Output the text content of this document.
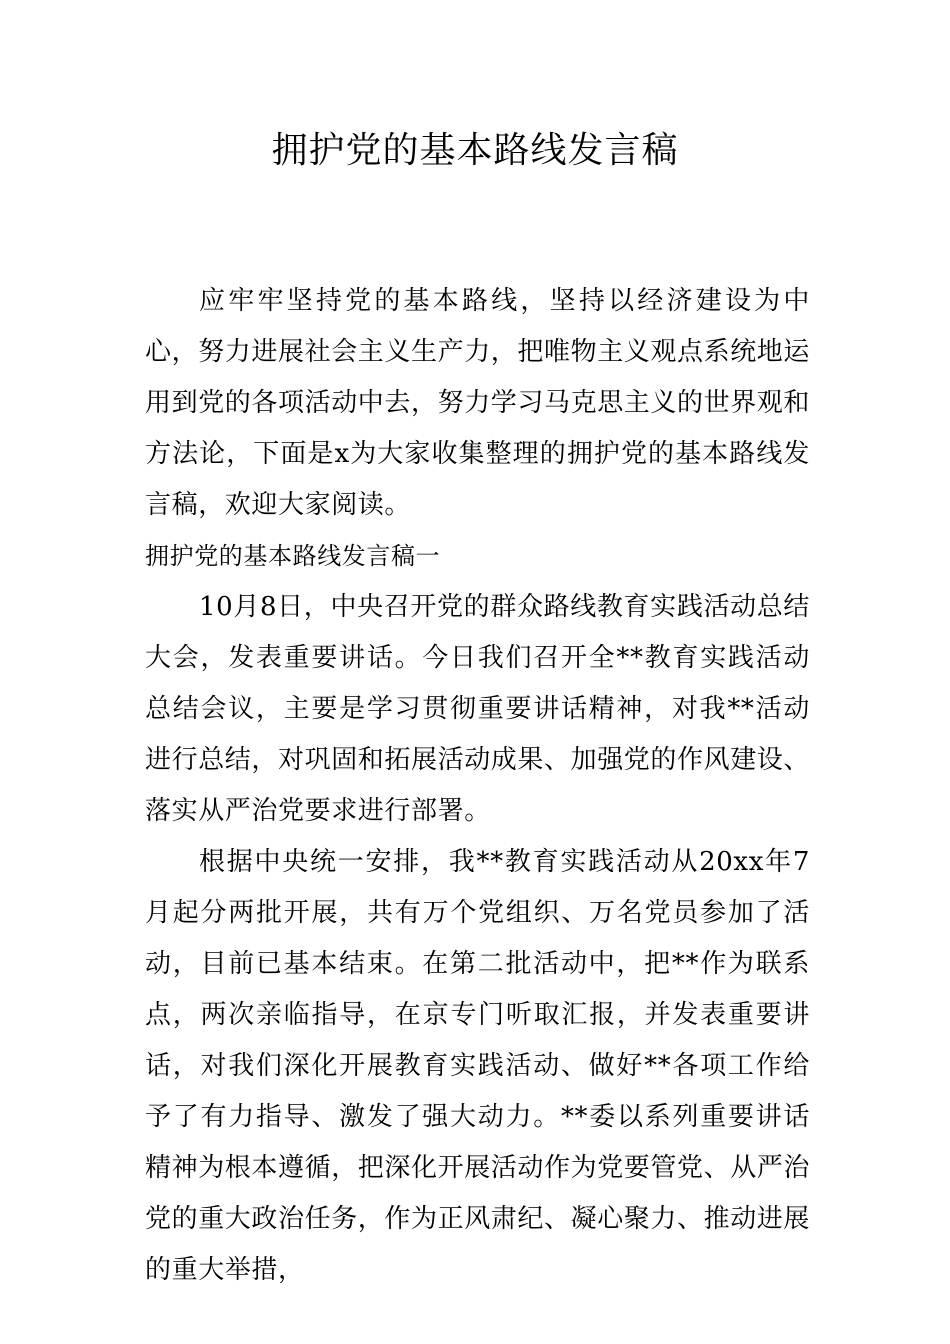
拥护党的基本路线发言稿

应牢牢坚持党的基本路线，坚持以经济建设为中心，努力进展社会主义生产力，把唯物主义观点系统地运用到党的各项活动中去，努力学习马克思主义的世界观和方法论，下面是x为大家收集整理的拥护党的基本路线发言稿，欢迎大家阅读。

拥护党的基本路线发言稿一

10月8日，中央召开党的群众路线教育实践活动总结大会，发表重要讲话。今日我们召开全**教育实践活动总结会议，主要是学习贯彻重要讲话精神，对我**活动进行总结，对巩固和拓展活动成果、加强党的作风建设、落实从严治党要求进行部署。

根据中央统一安排，我**教育实践活动从20xx年7月起分两批开展，共有万个党组织、万名党员参加了活动，目前已基本结束。在第二批活动中，把**作为联系点，两次亲临指导，在京专门听取汇报，并发表重要讲话，对我们深化开展教育实践活动、做好**各项工作给予了有力指导、激发了强大动力。**委以系列重要讲话精神为根本遵循，把深化开展活动作为党要管党、从严治党的重大政治任务，作为正风肃纪、凝心聚力、推动进展的重大举措，
